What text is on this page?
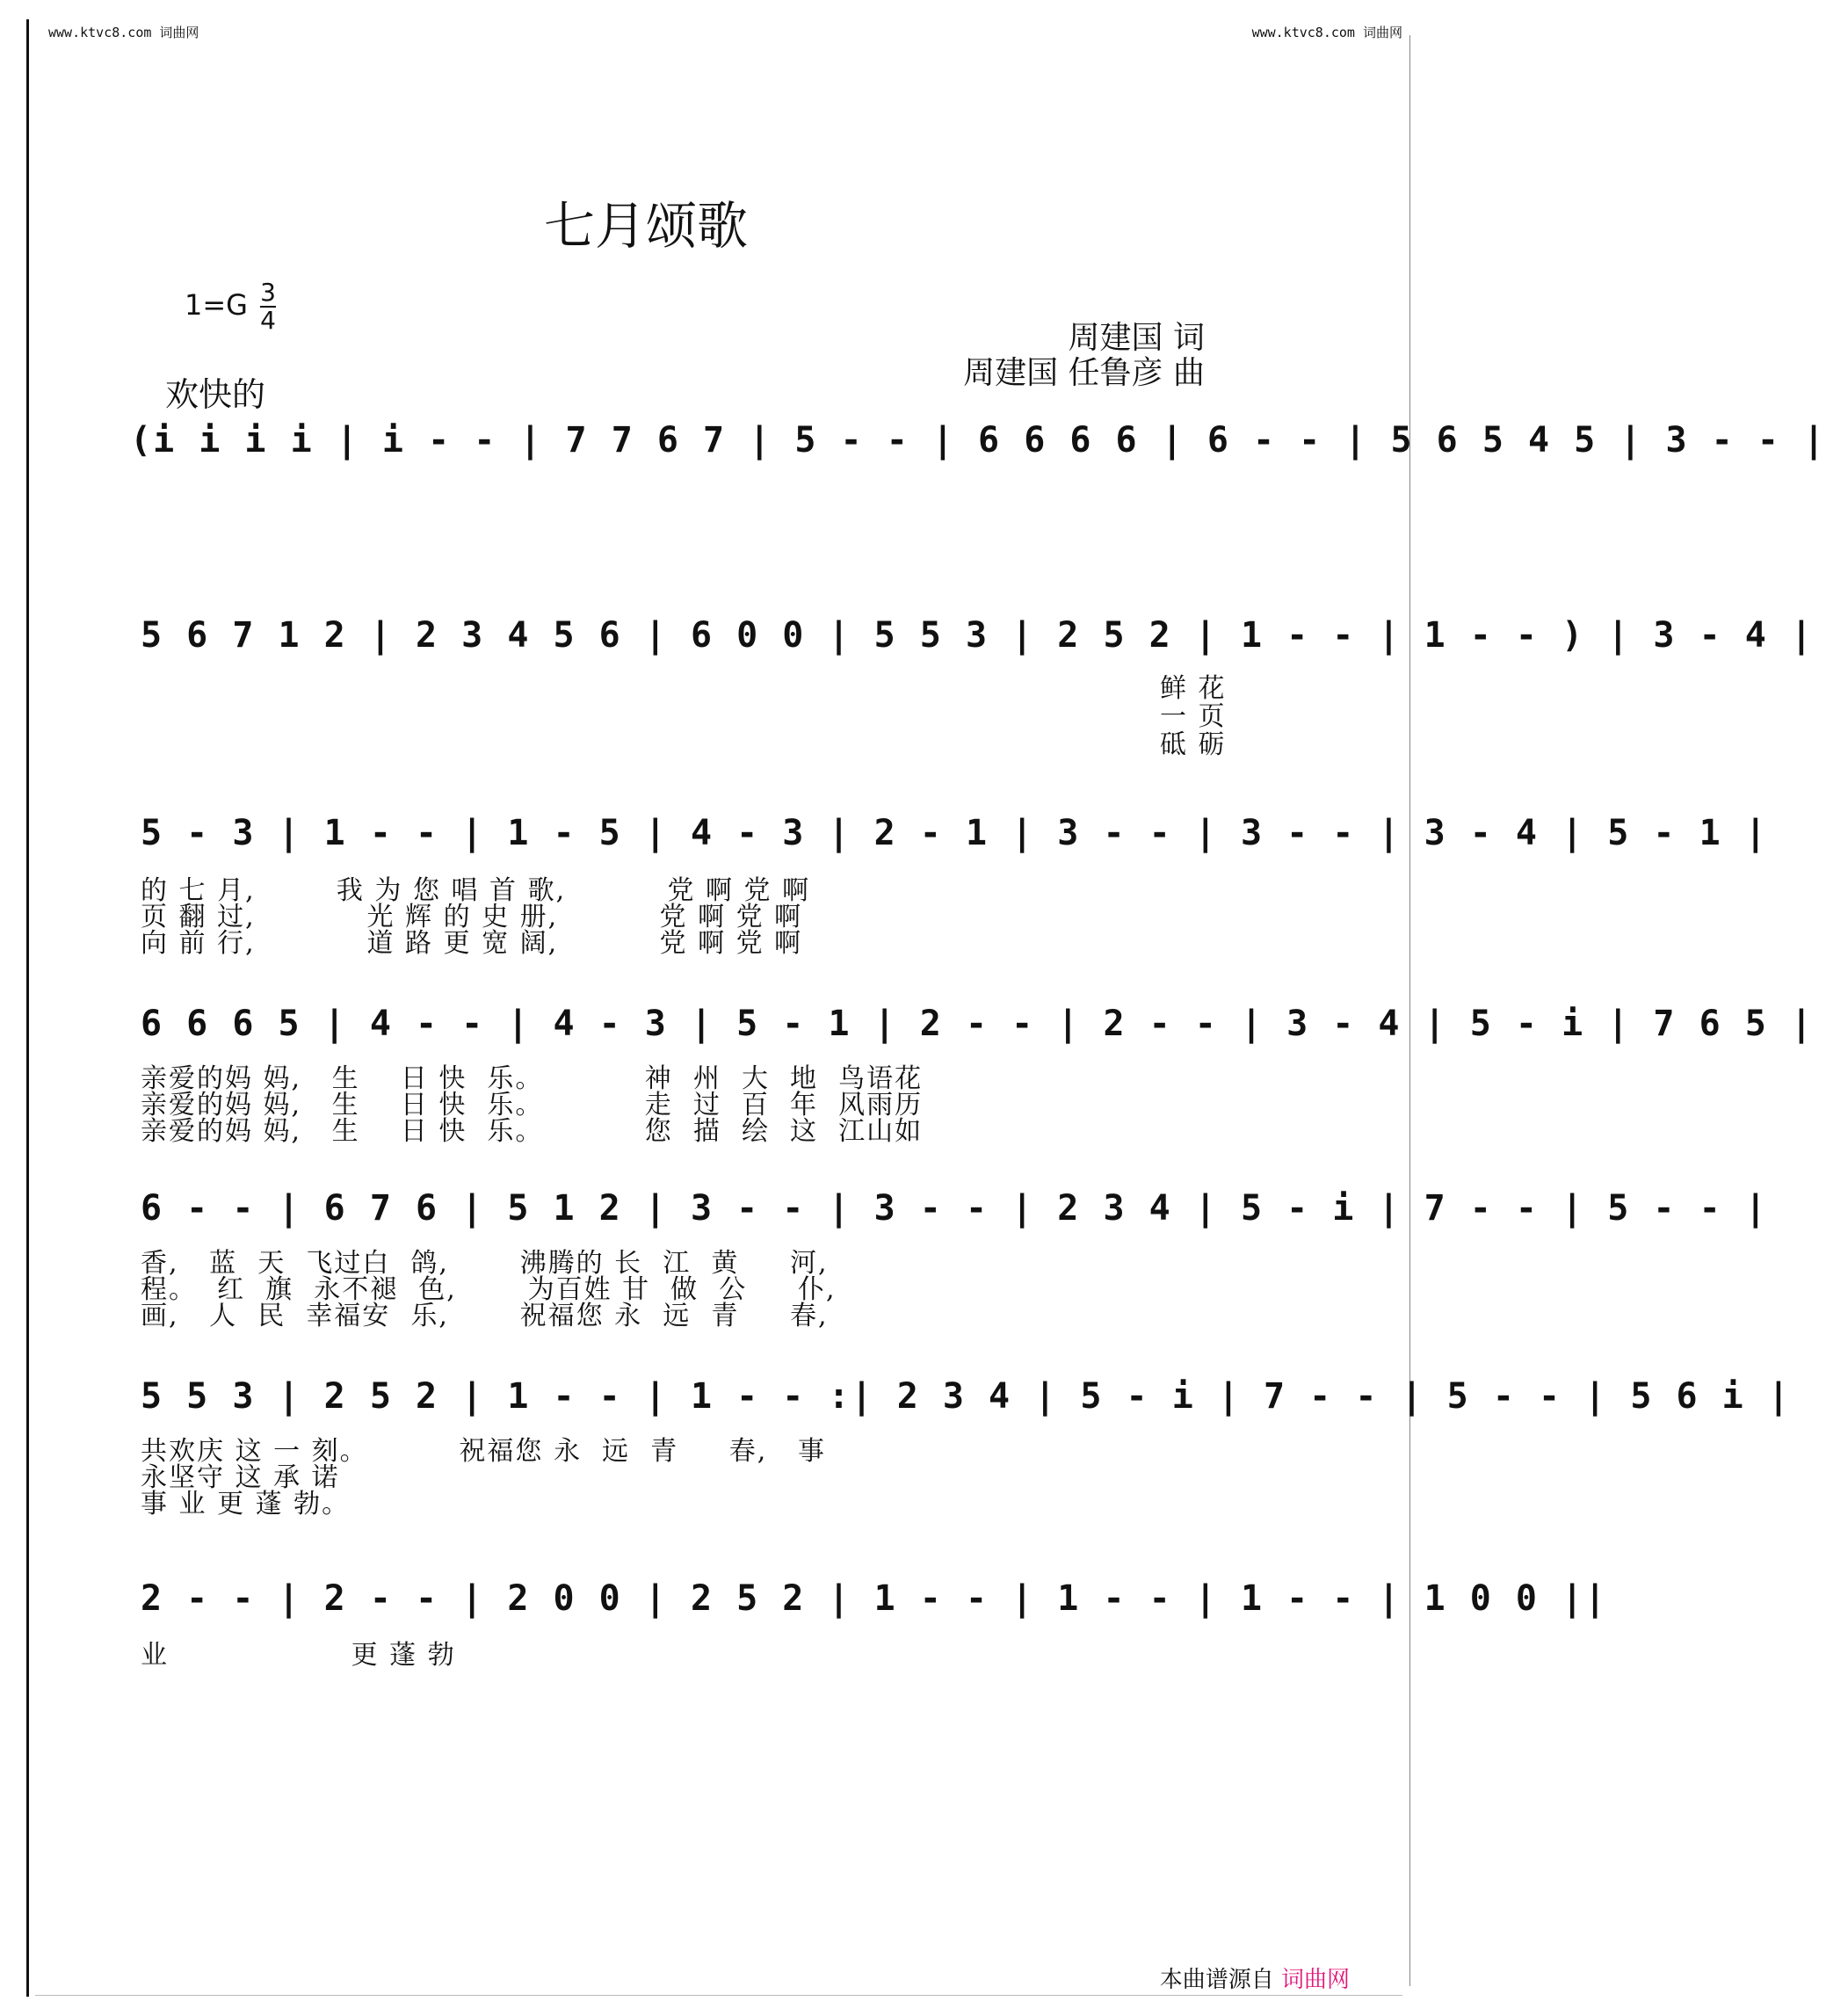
www.ktvc8.com 词曲网	www.ktvc8.com 词曲网
七月颂歌
$1=G \frac{3}{4}$
周建国 词
周建国 任鲁彦 曲
欢快的
(i i i i | i - - | 7 7 6 7 | 5 - - | 6 6 6 6 | 6 - - | 5 6 5 4 5 | 3 - - |
5 6 7 1 2 | 2 3 4 5 6 | 6 0 0 | 5 5 3 | 2 5 2 | 1 - - | 1 - - ) | 3 - 4 |
鲜 花
一 页
砥 砺
5 - 3 | 1 - - | 1 - 5 | 4 - 3 | 2 - 1 | 3 - - | 3 - - | 3 - 4 | 5 - 1 |
的 七 月,        我 为 您 唱 首 歌,          党 啊 党 啊
页 翻 过,           光 辉 的 史 册,          党 啊 党 啊
向 前 行,           道 路 更 宽 阔,          党 啊 党 啊
6 6 6 5 | 4 - - | 4 - 3 | 5 - 1 | 2 - - | 2 - - | 3 - 4 | 5 - i | 7 6 5 |
亲爱的妈 妈,   生    日 快  乐。          神  州  大  地  鸟语花
亲爱的妈 妈,   生    日 快  乐。          走  过  百  年  风雨历
亲爱的妈 妈,   生    日 快  乐。          您  描  绘  这  江山如
6 - - | 6 7 6 | 5 1 2 | 3 - - | 3 - - | 2 3 4 | 5 - i | 7 - - | 5 - - |
香,   蓝  天  飞过白  鸽,       沸腾的 长  江  黄     河,
程。  红  旗  永不褪  色,       为百姓 甘  做  公     仆,
画,   人  民  幸福安  乐,       祝福您 永  远  青     春,
5 5 3 | 2 5 2 | 1 - - | 1 - - :| 2 3 4 | 5 - i | 7 - - | 5 - - | 5 6 i |
共欢庆 这 一 刻。         祝福您 永  远  青     春,   事
永坚守 这 承 诺
事 业 更 蓬 勃。
2 - - | 2 - - | 2 0 0 | 2 5 2 | 1 - - | 1 - - | 1 - - | 1 0 0 ||
业                  更 蓬 勃
本曲谱源自 词曲网
